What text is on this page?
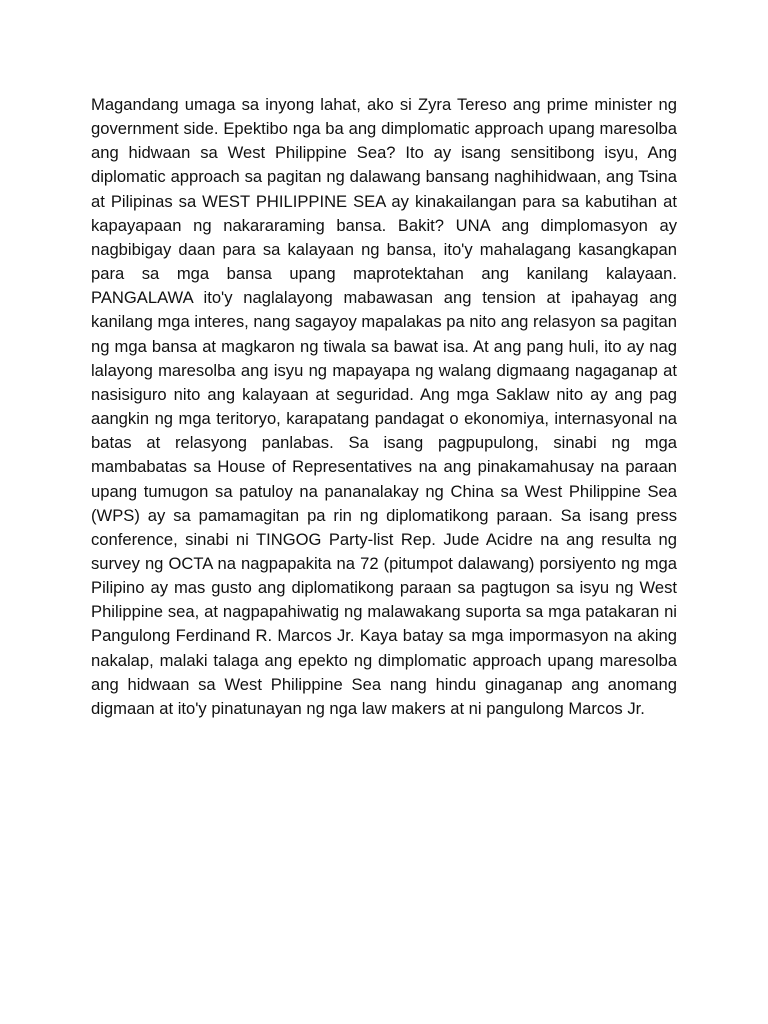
Magandang umaga sa inyong lahat, ako si Zyra Tereso ang prime minister ng government side. Epektibo nga ba ang dimplomatic approach upang maresolba ang hidwaan sa West Philippine Sea? Ito ay isang sensitibong isyu, Ang diplomatic approach sa pagitan ng dalawang bansang naghihidwaan, ang Tsina at Pilipinas sa WEST PHILIPPINE SEA ay kinakailangan para sa kabutihan at kapayapaan ng nakararaming bansa. Bakit? UNA ang dimplomasyon ay nagbibigay daan para sa kalayaan ng bansa, ito'y mahalagang kasangkapan para sa mga bansa upang maprotektahan ang kanilang kalayaan. PANGALAWA ito'y naglalayong mabawasan ang tension at ipahayag ang kanilang mga interes, nang sagayoy mapalakas pa nito ang relasyon sa pagitan ng mga bansa at magkaron ng tiwala sa bawat isa. At ang pang huli, ito ay nag lalayong maresolba ang isyu ng mapayapa ng walang digmaang nagaganap at nasisiguro nito ang kalayaan at seguridad. Ang mga Saklaw nito ay ang pag aangkin ng mga teritoryo, karapatang pandagat o ekonomiya, internasyonal na batas at relasyong panlabas. Sa isang pagpupulong, sinabi ng mga mambabatas sa House of Representatives na ang pinakamahusay na paraan upang tumugon sa patuloy na pananalakay ng China sa West Philippine Sea (WPS) ay sa pamamagitan pa rin ng diplomatikong paraan. Sa isang press conference, sinabi ni TINGOG Party-list Rep. Jude Acidre na ang resulta ng survey ng OCTA na nagpapakita na 72 (pitumpot dalawang) porsiyento ng mga Pilipino ay mas gusto ang diplomatikong paraan sa pagtugon sa isyu ng West Philippine sea, at nagpapahiwatig ng malawakang suporta sa mga patakaran ni Pangulong Ferdinand R. Marcos Jr. Kaya batay sa mga impormasyon na aking nakalap, malaki talaga ang epekto ng dimplomatic approach upang maresolba ang hidwaan sa West Philippine Sea nang hindu ginaganap ang anomang digmaan at ito'y pinatunayan ng nga law makers at ni pangulong Marcos Jr.
